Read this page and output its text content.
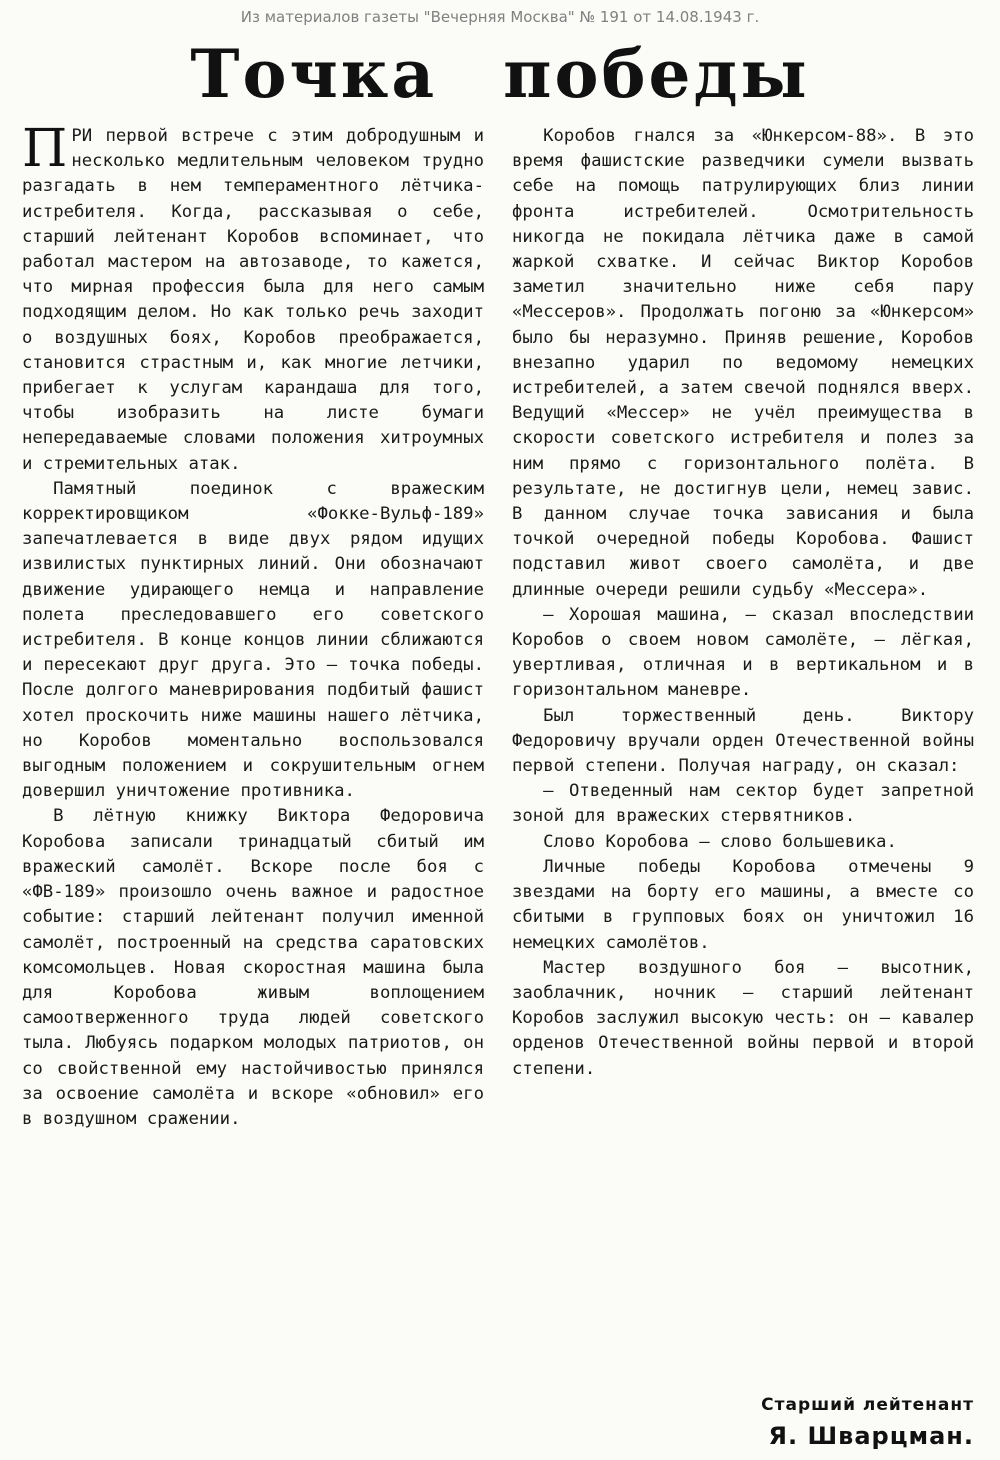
Из материалов газеты "Вечерняя Москва" № 191 от 14.08.1943 г.
Точка победы

ПРИ первой встрече с этим добродушным и несколько медлительным человеком трудно разгадать в нем темпераментного лётчика-истребителя. Когда, рассказывая о себе, старший лейтенант Коробов вспоминает, что работал мастером на автозаводе, то кажется, что мирная профессия была для него самым подходящим делом. Но как только речь заходит о воздушных боях, Коробов преображается, становится страстным и, как многие летчики, прибегает к услугам карандаша для того, чтобы изобразить на листе бумаги непередаваемые словами положения хитроумных и стремительных атак.

Памятный поединок с вражеским корректировщиком «Фокке-Вульф-189» запечатлевается в виде двух рядом идущих извилистых пунктирных линий. Они обозначают движение удирающего немца и направление полета преследовавшего его советского истребителя. В конце концов линии сближаются и пересекают друг друга. Это — точка победы. После долгого маневрирования подбитый фашист хотел проскочить ниже машины нашего лётчика, но Коробов моментально воспользовался выгодным положением и сокрушительным огнем довершил уничтожение противника.

В лётную книжку Виктора Федоровича Коробова записали тринадцатый сбитый им вражеский самолёт. Вскоре после боя с «ФВ-189» произошло очень важное и радостное событие: старший лейтенант получил именной самолёт, построенный на средства саратовских комсомольцев. Новая скоростная машина была для Коробова живым воплощением самоотверженного труда людей советского тыла. Любуясь подарком молодых патриотов, он со свойственной ему настойчивостью принялся за освоение самолёта и вскоре «обновил» его в воздушном сражении.

Коробов гнался за «Юнкерсом-88». В это время фашистские разведчики сумели вызвать себе на помощь патрулирующих близ линии фронта истребителей. Осмотрительность никогда не покидала лётчика даже в самой жаркой схватке. И сейчас Виктор Коробов заметил значительно ниже себя пару «Мессеров». Продолжать погоню за «Юнкерсом» было бы неразумно. Приняв решение, Коробов внезапно ударил по ведомому немецких истребителей, а затем свечой поднялся вверх. Ведущий «Мессер» не учёл преимущества в скорости советского истребителя и полез за ним прямо с горизонтального полёта. В результате, не достигнув цели, немец завис. В данном случае точка зависания и была точкой очередной победы Коробова. Фашист подставил живот своего самолёта, и две длинные очереди решили судьбу «Мессера».

— Хорошая машина, — сказал впоследствии Коробов о своем новом самолёте, — лёгкая, увертливая, отличная и в вертикальном и в горизонтальном маневре.

Был торжественный день. Виктору Федоровичу вручали орден Отечественной войны первой степени. Получая награду, он сказал:

— Отведенный нам сектор будет запретной зоной для вражеских стервятников.

Слово Коробова — слово большевика.

Личные победы Коробова отмечены 9 звездами на борту его машины, а вместе со сбитыми в групповых боях он уничтожил 16 немецких самолётов.

Мастер воздушного боя — высотник, заоблачник, ночник — старший лейтенант Коробов заслужил высокую честь: он — кавалер орденов Отечественной войны первой и второй степени.

Старший лейтенант
Я. Шварцман.
